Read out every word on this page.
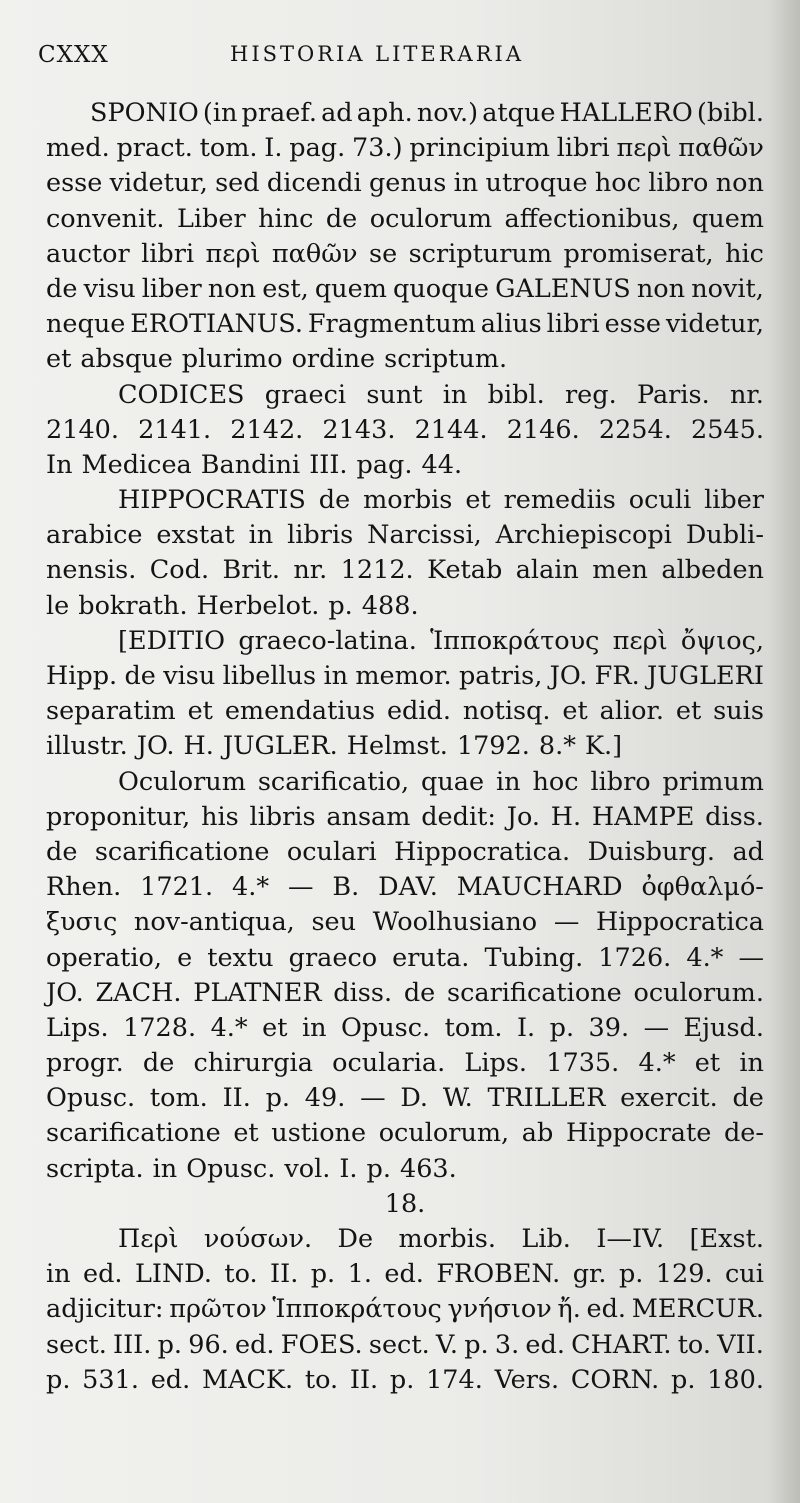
CXXX	HISTORIA LITERARIA
SPONIO (in praef. ad aph. nov.) atque HALLERO (bibl.
med. pract. tom. I. pag. 73.) principium libri περὶ παθῶν
esse videtur, sed dicendi genus in utroque hoc libro non
convenit. Liber hinc de oculorum affectionibus, quem
auctor libri περὶ παθῶν se scripturum promiserat, hic
de visu liber non est, quem quoque GALENUS non novit,
neque EROTIANUS. Fragmentum alius libri esse videtur,
et absque plurimo ordine scriptum.
CODICES graeci sunt in bibl. reg. Paris. nr.
2140. 2141. 2142. 2143. 2144. 2146. 2254. 2545.
In Medicea Bandini III. pag. 44.
HIPPOCRATIS de morbis et remediis oculi liber
arabice exstat in libris Narcissi, Archiepiscopi Dubli-
nensis. Cod. Brit. nr. 1212. Ketab alain men albeden
le bokrath. Herbelot. p. 488.
[EDITIO graeco-latina. Ἱπποκράτους περὶ ὄψιος,
Hipp. de visu libellus in memor. patris, JO. FR. JUGLERI
separatim et emendatius edid. notisq. et alior. et suis
illustr. JO. H. JUGLER. Helmst. 1792. 8.* K.]
Oculorum scarificatio, quae in hoc libro primum
proponitur, his libris ansam dedit: Jo. H. HAMPE diss.
de scarificatione oculari Hippocratica. Duisburg. ad
Rhen. 1721. 4.* — B. DAV. MAUCHARD ὀφθαλμό-
ξυσις nov-antiqua, seu Woolhusiano — Hippocratica
operatio, e textu graeco eruta. Tubing. 1726. 4.* —
JO. ZACH. PLATNER diss. de scarificatione oculorum.
Lips. 1728. 4.* et in Opusc. tom. I. p. 39. — Ejusd.
progr. de chirurgia ocularia. Lips. 1735. 4.* et in
Opusc. tom. II. p. 49. — D. W. TRILLER exercit. de
scarificatione et ustione oculorum, ab Hippocrate de-
scripta. in Opusc. vol. I. p. 463.
18.
Περὶ νούσων. De morbis. Lib. I—IV. [Exst.
in ed. LIND. to. II. p. 1. ed. FROBEN. gr. p. 129. cui
adjicitur: πρῶτον Ἱπποκράτους γνήσιον ἤ. ed. MERCUR.
sect. III. p. 96. ed. FOES. sect. V. p. 3. ed. CHART. to. VII.
p. 531. ed. MACK. to. II. p. 174. Vers. CORN. p. 180.
